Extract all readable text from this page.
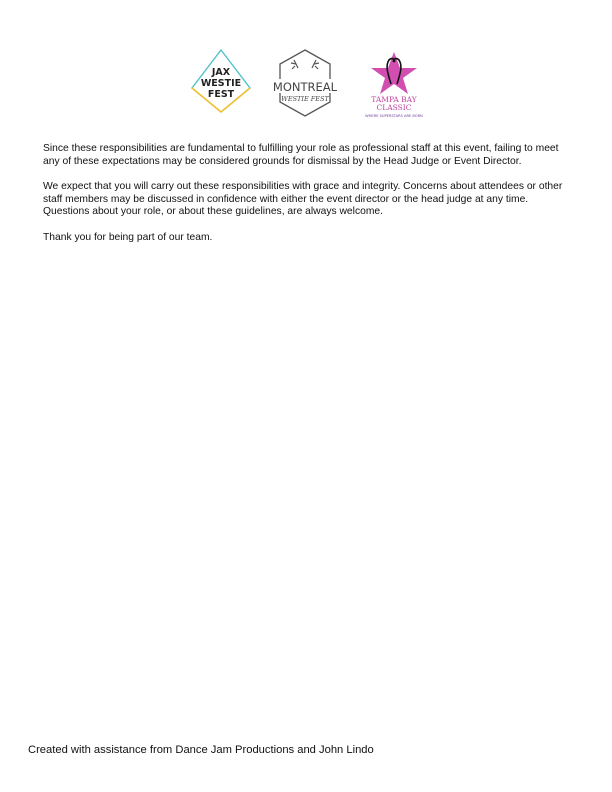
JAX
WESTIE
FEST
MONTREAL
WESTIE FEST	TAMPA BAY
CLASSIC
WHERE SUPERSTARS ARE BORN

Since these responsibilities are fundamental to fulfilling your role as professional staff at this event, failing to meet any of these expectations may be considered grounds for dismissal by the Head Judge or Event Director.

We expect that you will carry out these responsibilities with grace and integrity. Concerns about attendees or other staff members may be discussed in confidence with either the event director or the head judge at any time. Questions about your role, or about these guidelines, are always welcome.

Thank you for being part of our team.

Created with assistance from Dance Jam Productions and John Lindo
